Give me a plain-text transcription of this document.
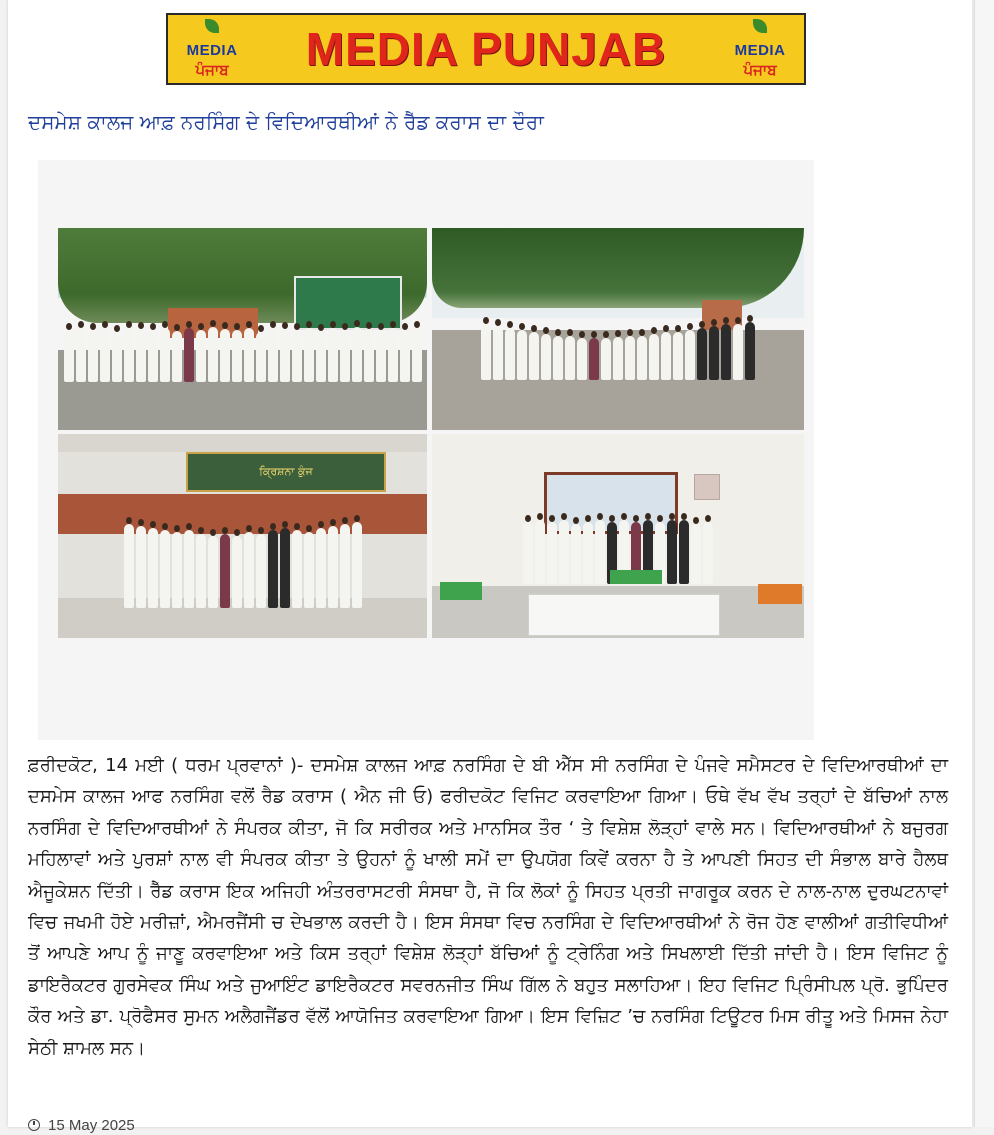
MEDIA
ਪੰਜਾਬ	MEDIA PUNJAB	MEDIA
ਪੰਜਾਬ
ਦਸਮੇਸ਼ ਕਾਲਜ ਆਫ਼ ਨਰਸਿੰਗ ਦੇ ਵਿਦਿਆਰਥੀਆਂ ਨੇ ਰੈੱਡ ਕਰਾਸ ਦਾ ਦੌਰਾ
ਕ੍ਰਿਸ਼ਨਾ ਕੁੰਜ

ਫ਼ਰੀਦਕੋਟ, 14 ਮਈ ( ਧਰਮ ਪ੍ਰਵਾਨਾਂ )- ਦਸਮੇਸ਼ ਕਾਲਜ ਆਫ਼ ਨਰਸਿੰਗ ਦੇ ਬੀ ਐੱਸ ਸੀ ਨਰਸਿੰਗ ਦੇ ਪੰਜਵੇ ਸਮੈਸਟਰ ਦੇ ਵਿਦਿਆਰਥੀਆਂ ਦਾ ਦਸਮੇਸ ਕਾਲਜ ਆਫ ਨਰਸਿੰਗ ਵਲੋਂ ਰੈਡ ਕਰਾਸ ( ਐਨ ਜੀ ਓ) ਫਰੀਦਕੋਟ ਵਿਜਿਟ ਕਰਵਾਇਆ ਗਿਆ। ਓਥੇ ਵੱਖ ਵੱਖ ਤਰ੍ਹਾਂ ਦੇ ਬੱਚਿਆਂ ਨਾਲ ਨਰਸਿੰਗ ਦੇ ਵਿਦਿਆਰਥੀਆਂ ਨੇ ਸੰਪਰਕ ਕੀਤਾ, ਜੋ ਕਿ ਸਰੀਰਕ ਅਤੇ ਮਾਨਸਿਕ ਤੌਰ ‘ ਤੇ ਵਿਸ਼ੇਸ਼ ਲੋੜ੍ਹਾਂ ਵਾਲੇ ਸਨ। ਵਿਦਿਆਰਥੀਆਂ ਨੇ ਬਜੁਰਗ ਮਹਿਲਾਵਾਂ ਅਤੇ ਪੁਰਸ਼ਾਂ ਨਾਲ ਵੀ ਸੰਪਰਕ ਕੀਤਾ ਤੇ ਉਹਨਾਂ ਨੂੰ ਖਾਲੀ ਸਮੇਂ ਦਾ ਉਪਯੋਗ ਕਿਵੇਂ ਕਰਨਾ ਹੈ ਤੇ ਆਪਣੀ ਸਿਹਤ ਦੀ ਸੰਭਾਲ ਬਾਰੇ ਹੈਲਥ ਐਜੂਕੇਸ਼ਨ ਦਿੱਤੀ। ਰੈੱਡ ਕਰਾਸ ਇਕ ਅਜਿਹੀ ਅੰਤਰਰਾਸਟਰੀ ਸੰਸਥਾ ਹੈ, ਜੋ ਕਿ ਲੋਕਾਂ ਨੂੰ ਸਿਹਤ ਪ੍ਰਤੀ ਜਾਗਰੂਕ ਕਰਨ ਦੇ ਨਾਲ-ਨਾਲ ਦੁਰਘਟਨਾਵਾਂ ਵਿਚ ਜਖਮੀ ਹੋਏ ਮਰੀਜ਼ਾਂ, ਐਮਰਜੈਂਸੀ ਚ ਦੇਖਭਾਲ ਕਰਦੀ ਹੈ। ਇਸ ਸੰਸਥਾ ਵਿਚ ਨਰਸਿੰਗ ਦੇ ਵਿਦਿਆਰਥੀਆਂ ਨੇ ਰੋਜ ਹੋਣ ਵਾਲੀਆਂ ਗਤੀਵਿਧੀਆਂ ਤੋਂ ਆਪਣੇ ਆਪ ਨੂੰ ਜਾਣੂ ਕਰਵਾਇਆ ਅਤੇ ਕਿਸ ਤਰ੍ਹਾਂ ਵਿਸ਼ੇਸ਼ ਲੋੜ੍ਹਾਂ ਬੱਚਿਆਂ ਨੂੰ ਟ੍ਰੇਨਿੰਗ ਅਤੇ ਸਿਖਲਾਈ ਦਿੱਤੀ ਜਾਂਦੀ ਹੈ। ਇਸ ਵਿਜਿਟ ਨੂੰ ਡਾਇਰੈਕਟਰ ਗੁਰਸੇਵਕ ਸਿੰਘ ਅਤੇ ਜੁਆਇੰਟ ਡਾਇਰੈਕਟਰ ਸਵਰਨਜੀਤ ਸਿੰਘ ਗਿੱਲ ਨੇ ਬਹੁਤ ਸਲਾਹਿਆ। ਇਹ ਵਿਜਿਟ ਪ੍ਰਿੰਸੀਪਲ ਪ੍ਰੋ. ਭੁਪਿੰਦਰ ਕੌਰ ਅਤੇ ਡਾ. ਪ੍ਰੋਫੈਸਰ ਸੁਮਨ ਅਲੈਗਜੈਂਡਰ ਵੱਲੋਂ ਆਯੋਜਿਤ ਕਰਵਾਇਆ ਗਿਆ। ਇਸ ਵਿਜ਼ਿਟ ’ਚ ਨਰਸਿੰਗ ਟਿਊਟਰ ਮਿਸ ਰੀਤੂ ਅਤੇ ਮਿਸਜ ਨੇਹਾ ਸੇਠੀ ਸ਼ਾਮਲ ਸਨ।

15 May 2025
